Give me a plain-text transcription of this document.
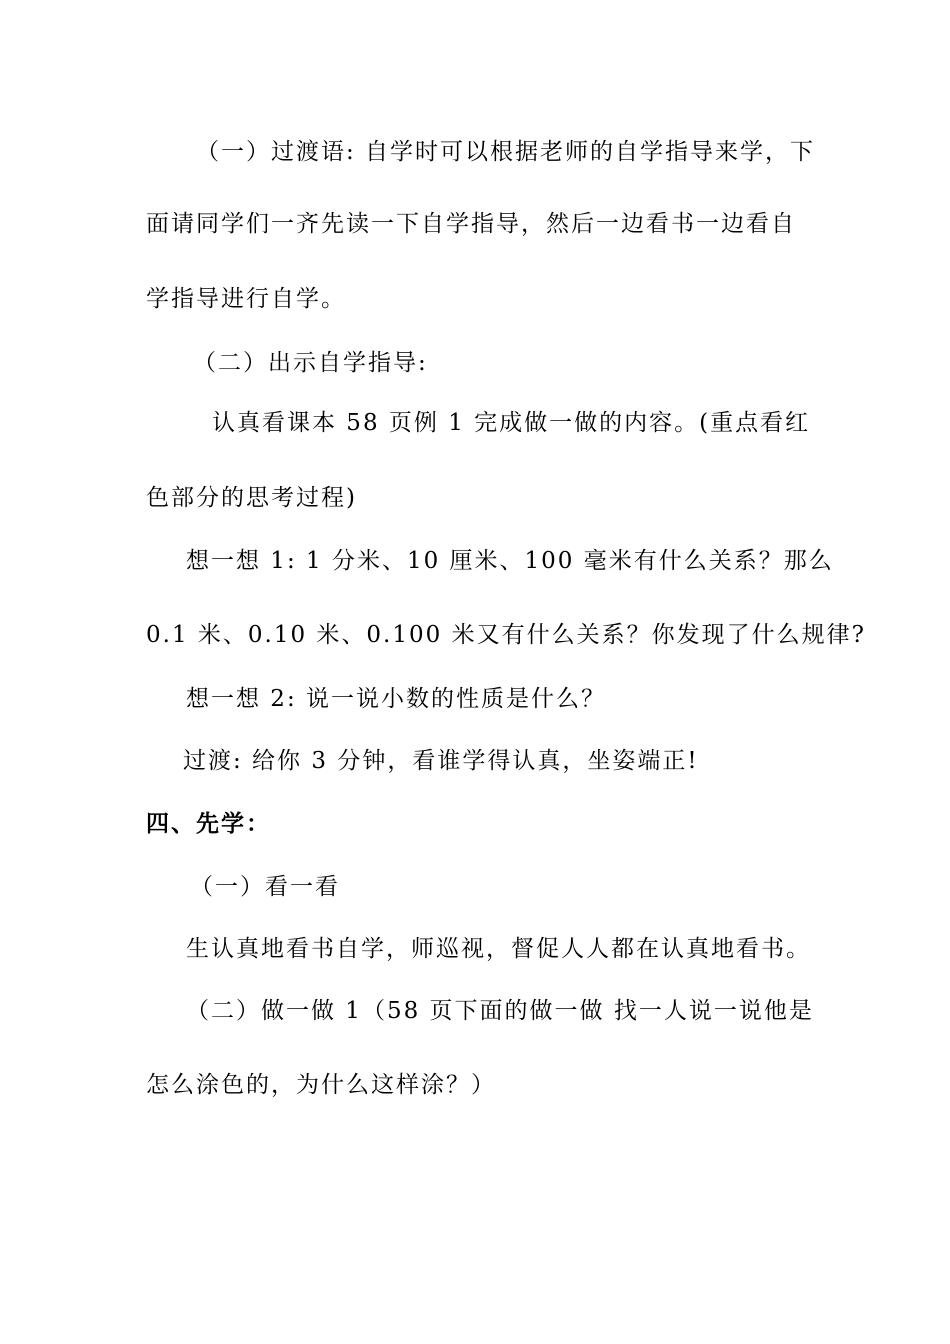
（一）过渡语: 自学时可以根据老师的自学指导来学，下
面请同学们一齐先读一下自学指导，然后一边看书一边看自
学指导进行自学。
（二）出示自学指导:
认真看课本 58 页例 1 完成做一做的内容。(重点看红
色部分的思考过程)
想一想 1: 1 分米、10 厘米、100 毫米有什么关系？那么
0.1 米、0.10 米、0.100 米又有什么关系？你发现了什么规律?
想一想 2: 说一说小数的性质是什么？
过渡: 给你 3 分钟，看谁学得认真，坐姿端正!
四、先学：
（一）看一看
生认真地看书自学，师巡视，督促人人都在认真地看书。
（二）做一做 1（58 页下面的做一做 找一人说一说他是
怎么涂色的，为什么这样涂？）
